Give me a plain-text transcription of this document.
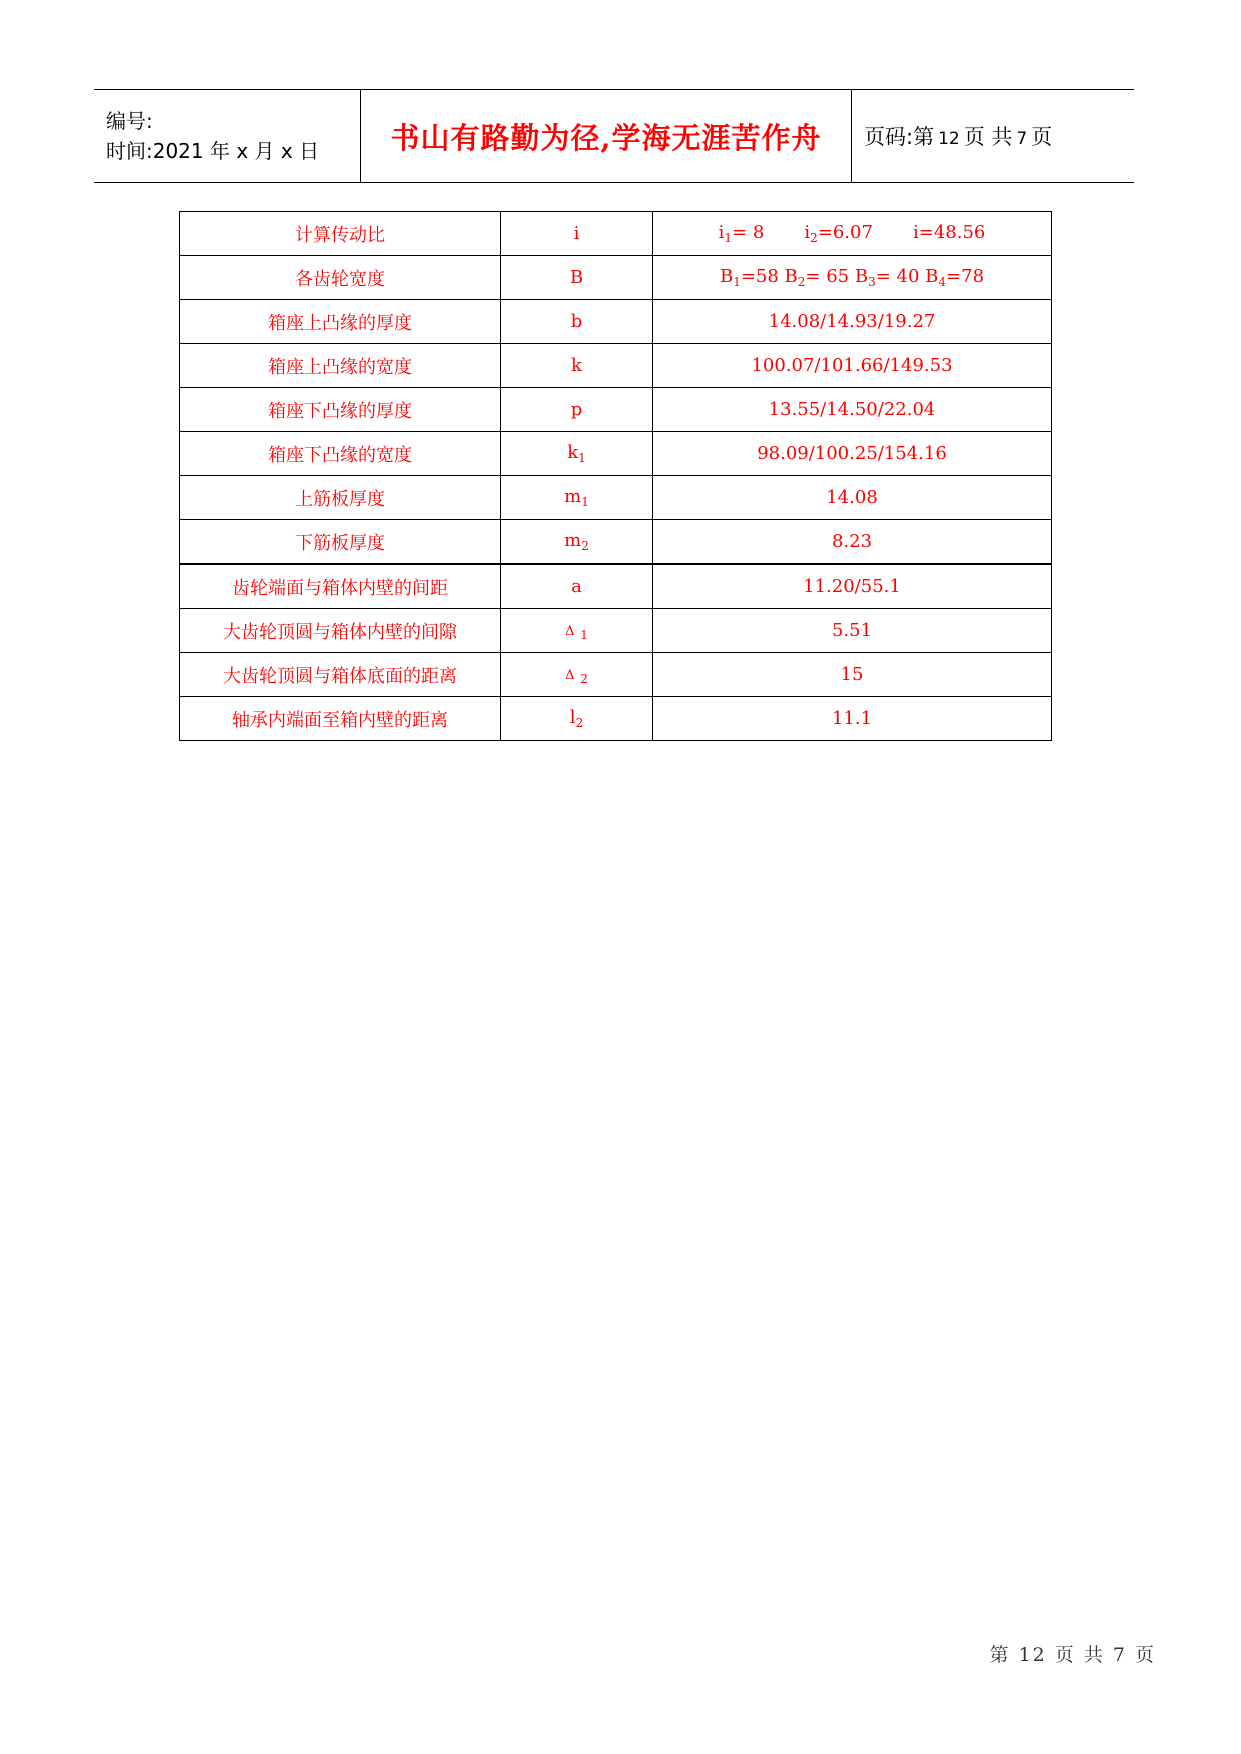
编号:
时间:2021 年 x 月 x 日	书山有路勤为径,学海无涯苦作舟 页码:第 12 页 共 7 页
计算传动比	i	$i_1= 8$       $i_2=6.07$       i=48.56
各齿轮宽度	B	$B_1=58$ $B_2= 65$ $B_3= 40$ $B_4=78$
箱座上凸缘的厚度	b	14.08/14.93/19.27
箱座上凸缘的宽度	k	100.07/101.66/149.53
箱座下凸缘的厚度	p	13.55/14.50/22.04
箱座下凸缘的宽度	$k_1$	98.09/100.25/154.16
上筋板厚度	$m_1$	14.08
下筋板厚度	$m_2$	8.23
齿轮端面与箱体内壁的间距	a	11.20/55.1
大齿轮顶圆与箱体内壁的间隙	Δ $_1$	5.51
大齿轮顶圆与箱体底面的距离	Δ $_2$	15
轴承内端面至箱内壁的距离	$l_2$	11.1
第 12 页 共 7 页
